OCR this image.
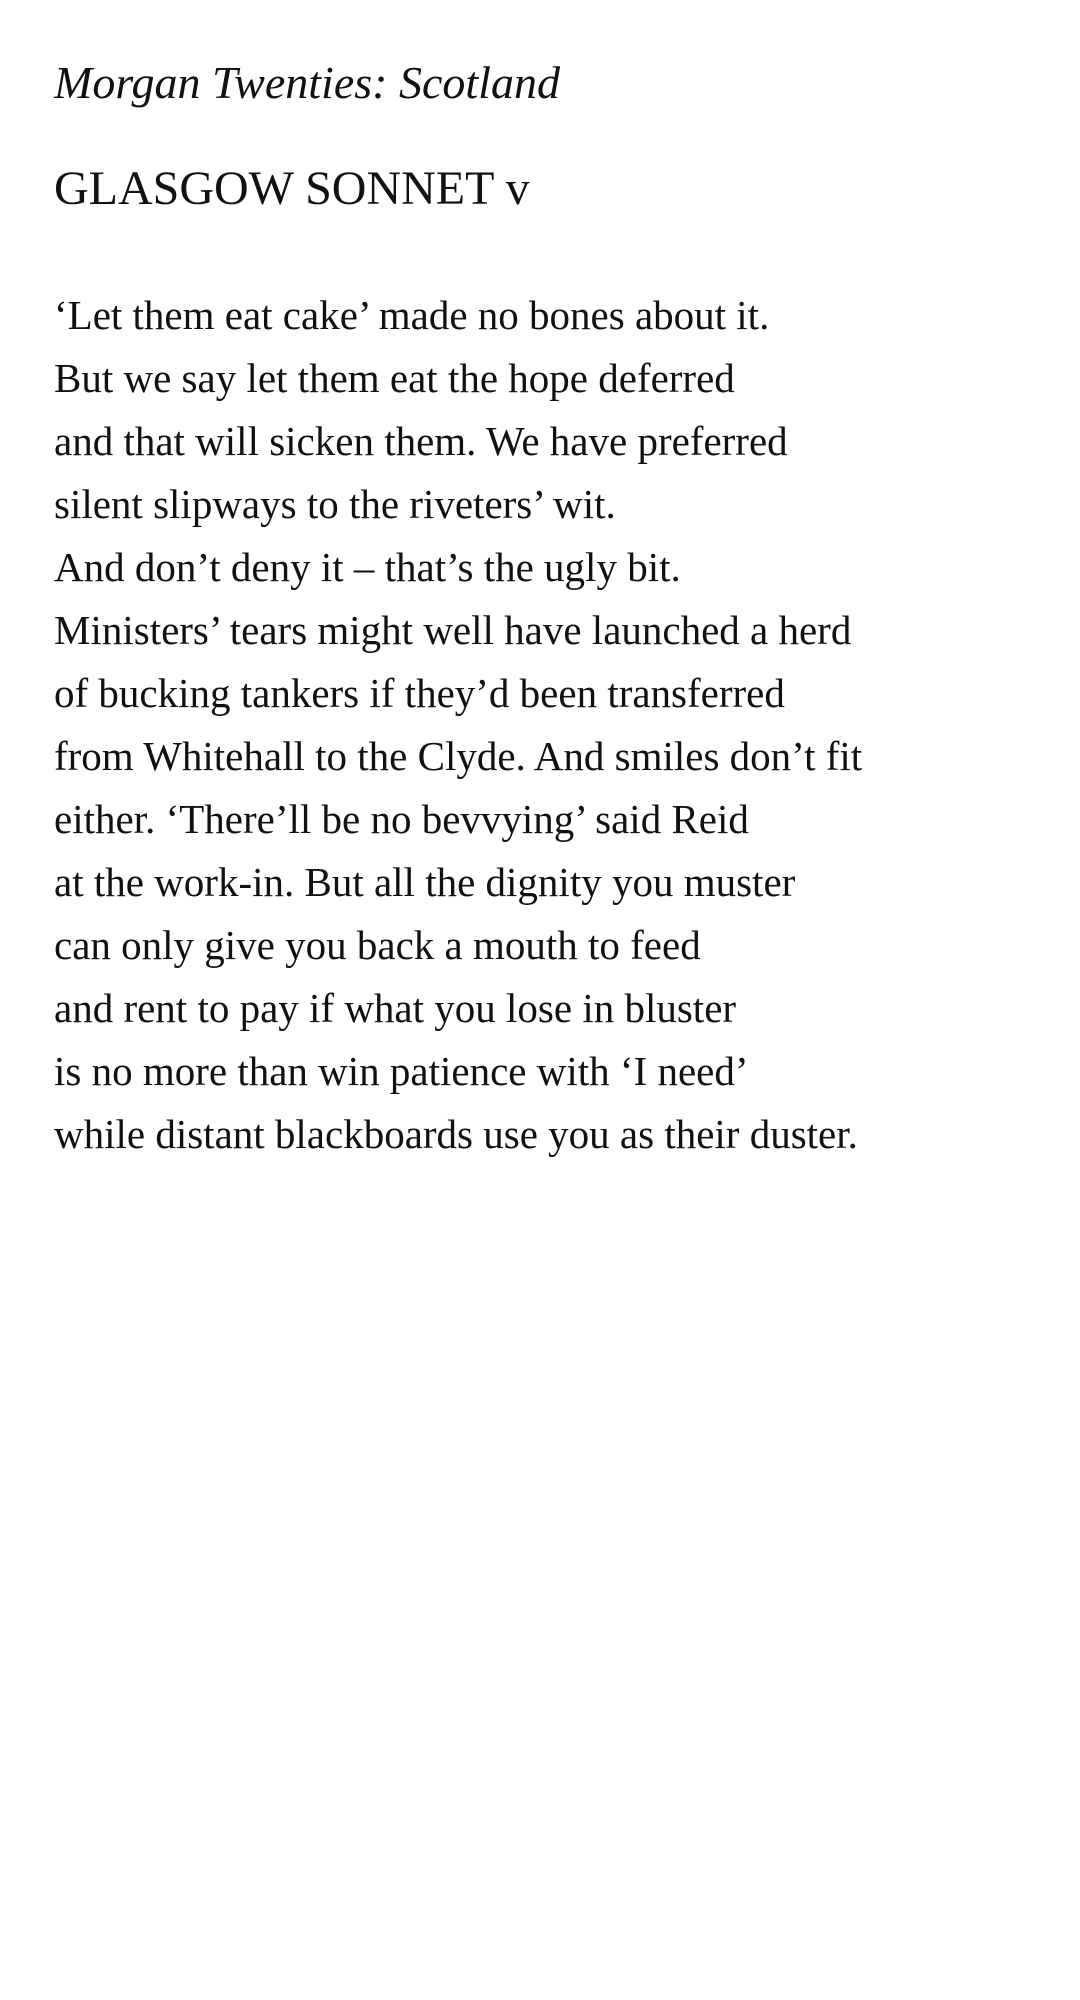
Morgan Twenties: Scotland
GLASGOW SONNET v
‘Let them eat cake’ made no bones about it.
But we say let them eat the hope deferred
and that will sicken them. We have preferred
silent slipways to the riveters’ wit.
And don’t deny it – that’s the ugly bit.
Ministers’ tears might well have launched a herd
of bucking tankers if they’d been transferred
from Whitehall to the Clyde. And smiles don’t fit
either. ‘There’ll be no bevvying’ said Reid
at the work-in. But all the dignity you muster
can only give you back a mouth to feed
and rent to pay if what you lose in bluster
is no more than win patience with ‘I need’
while distant blackboards use you as their duster.
